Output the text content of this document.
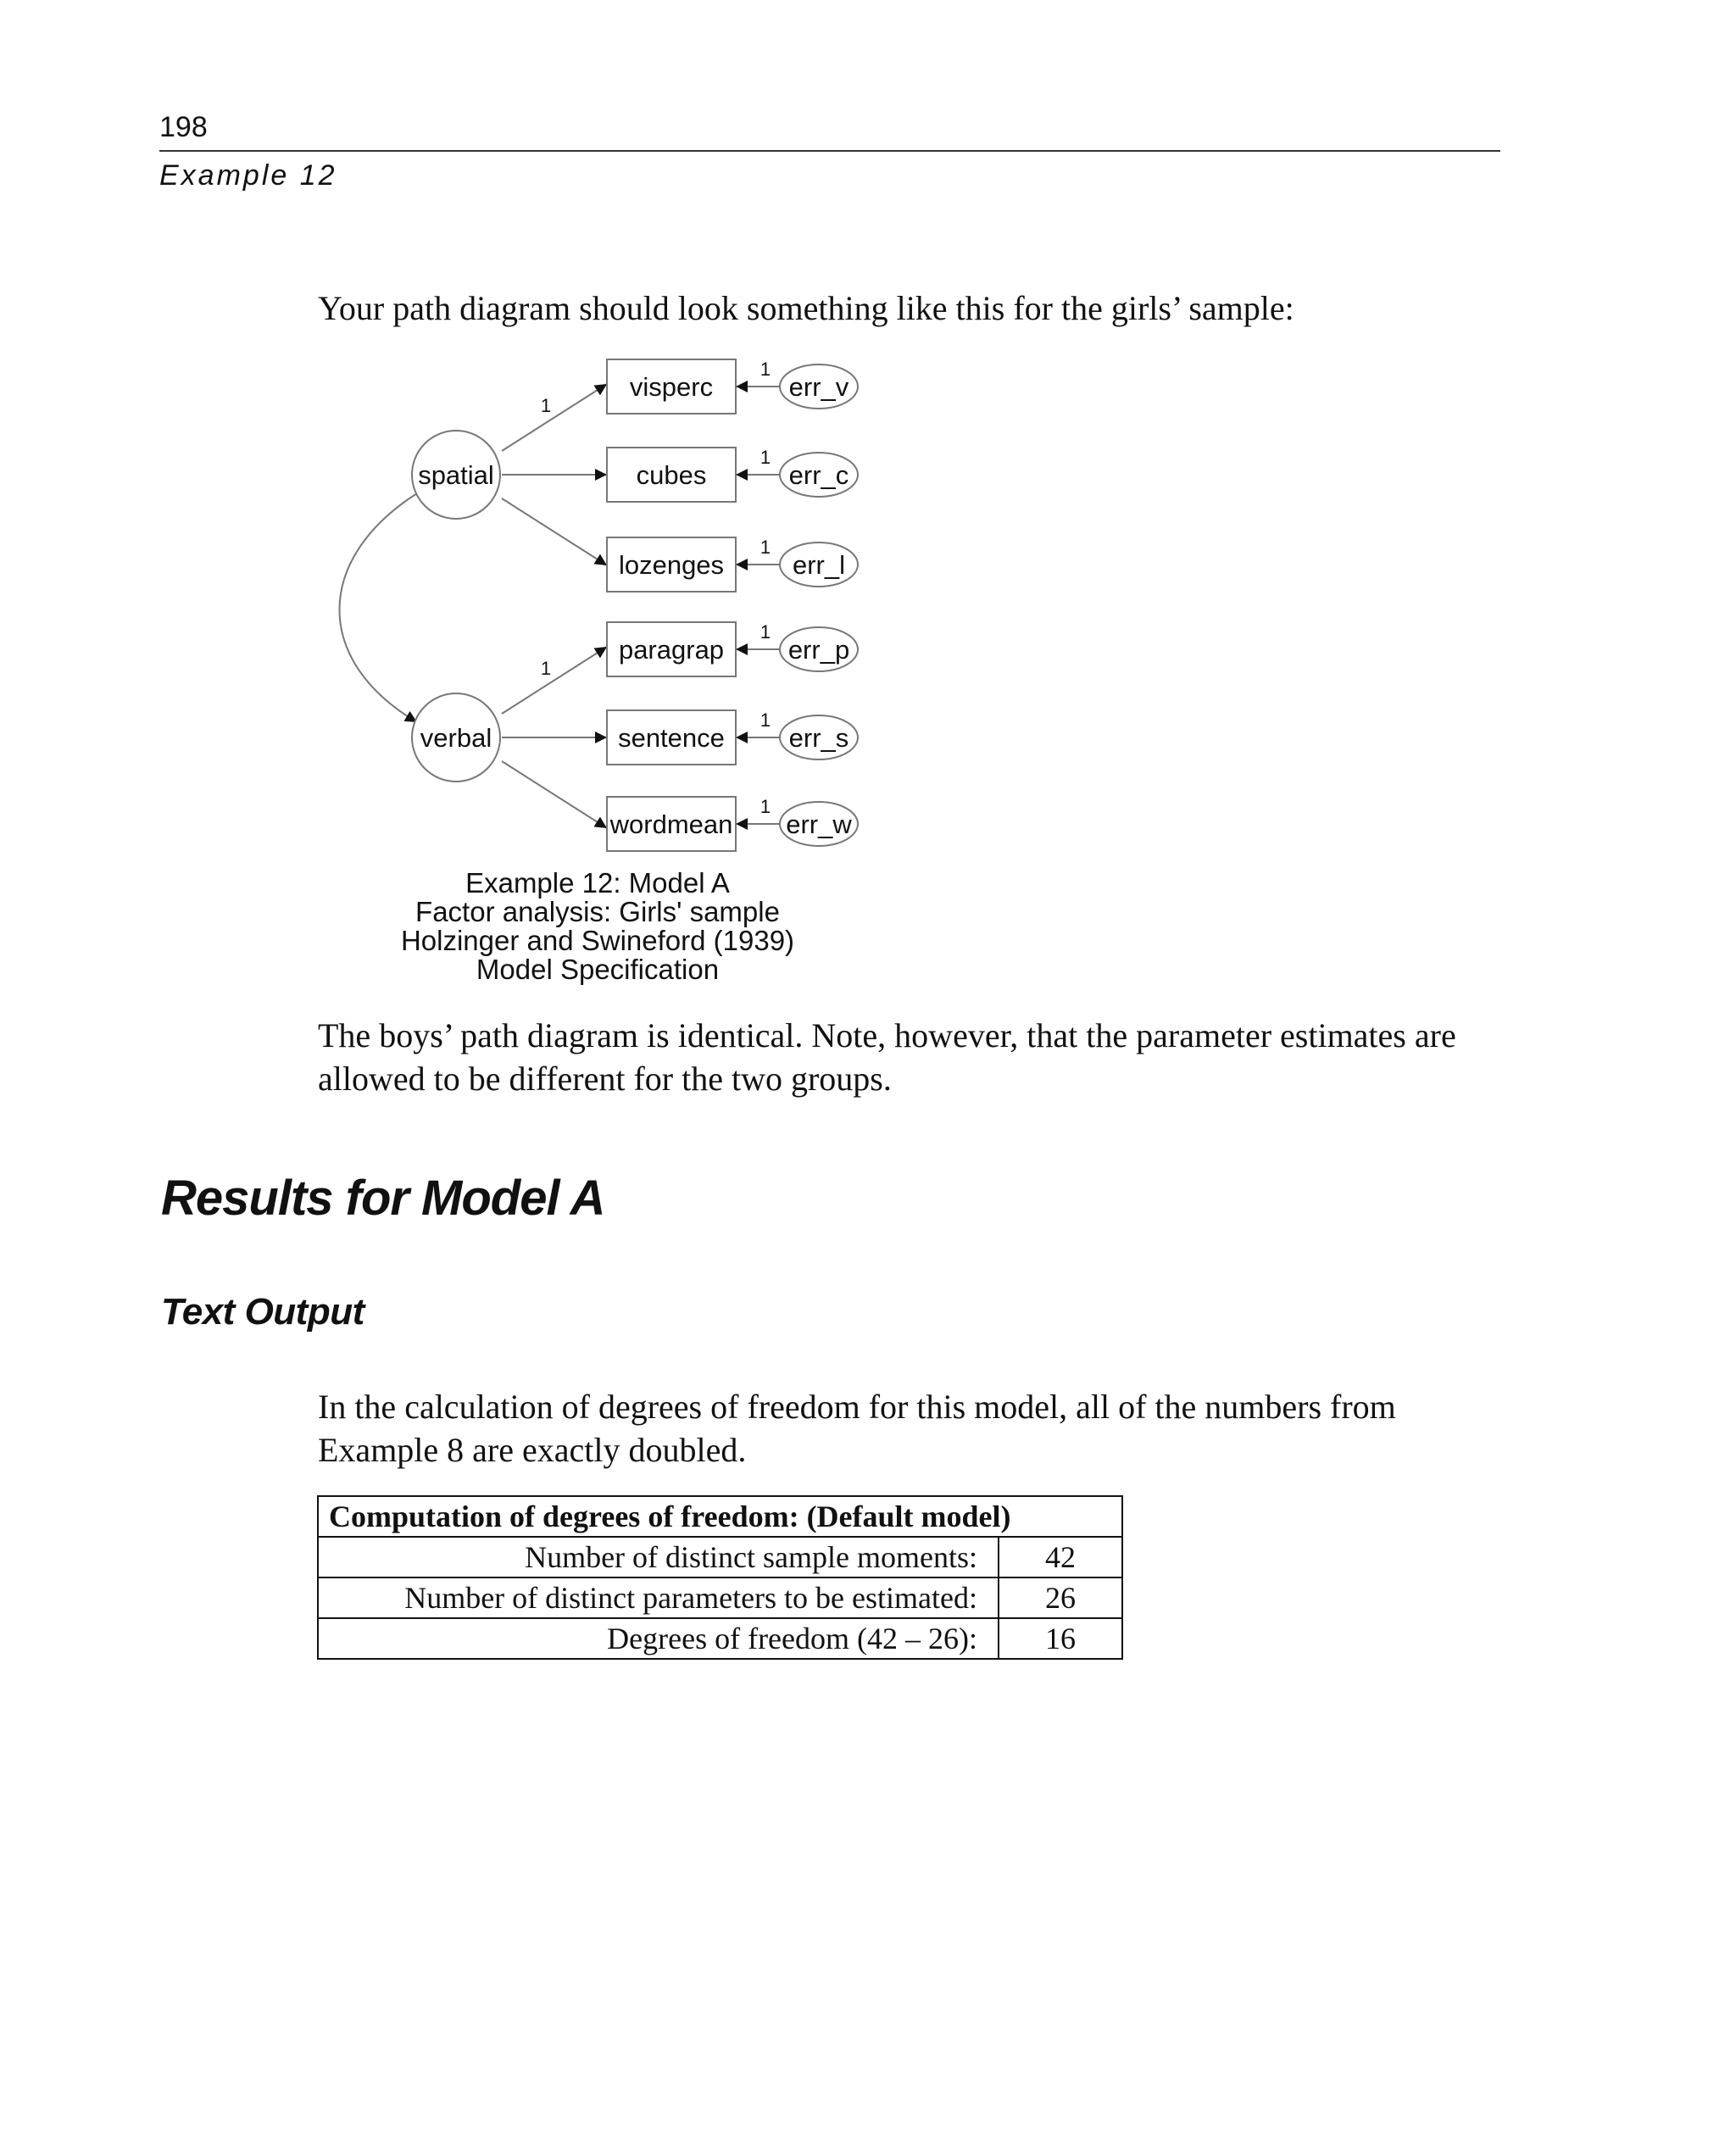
198
Example 12

Your path diagram should look something like this for the girls’ sample:

spatial
verbal
visperc
cubes
lozenges
paragrap
sentence
wordmean
err_v
err_c
err_l
err_p
err_s
err_w
1
1
1
1
1
1
1
1
Example 12: Model A
Factor analysis: Girls' sample
Holzinger and Swineford (1939)
Model Specification

The boys’ path diagram is identical. Note, however, that the parameter estimates are allowed to be different for the two groups.

Results for Model A
Text Output

In the calculation of degrees of freedom for this model, all of the numbers from Example 8 are exactly doubled.

Computation of degrees of freedom: (Default model)	
Number of distinct sample moments:	42
Number of distinct parameters to be estimated:	26
Degrees of freedom (42 – 26):	16
